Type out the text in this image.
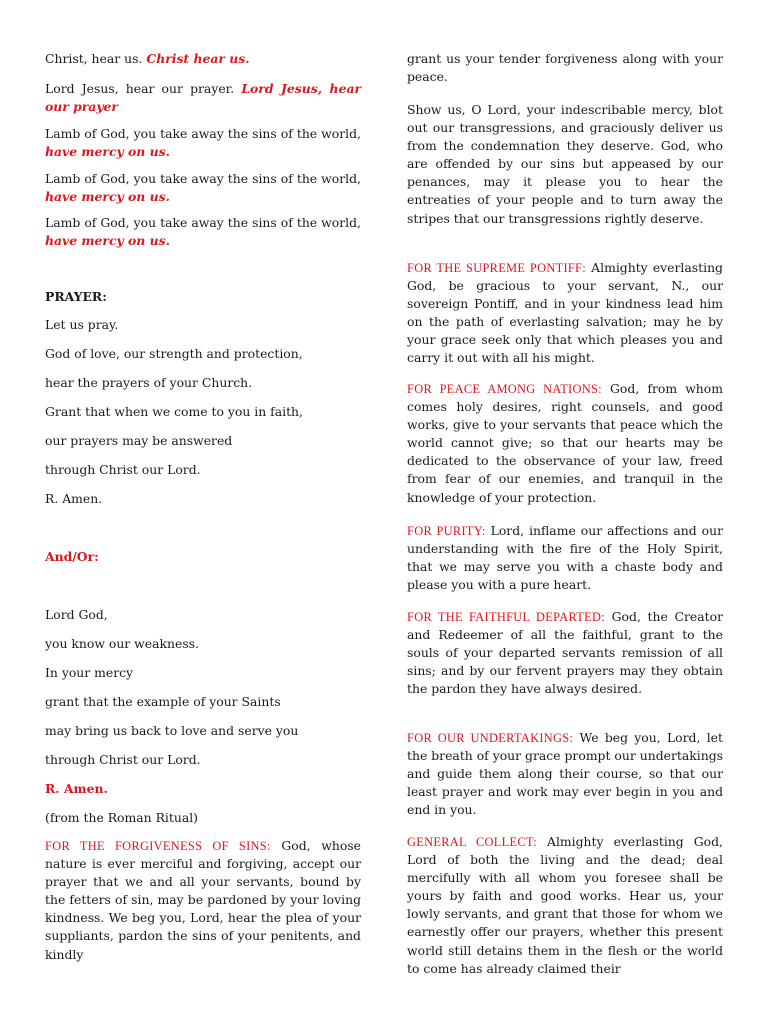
Christ, hear us. Christ hear us.

Lord Jesus, hear our prayer. Lord Jesus, hear our prayer

Lamb of God, you take away the sins of the world, have mercy on us.

Lamb of God, you take away the sins of the world, have mercy on us.

Lamb of God, you take away the sins of the world, have mercy on us.

PRAYER:

Let us pray.

God of love, our strength and protection,

hear the prayers of your Church.

Grant that when we come to you in faith,

our prayers may be answered

through Christ our Lord.

R. Amen.

And/Or:

Lord God,

you know our weakness.

In your mercy

grant that the example of your Saints

may bring us back to love and serve you

through Christ our Lord.

R. Amen.

(from the Roman Ritual)

FOR THE FORGIVENESS OF SINS: God, whose nature is ever merciful and forgiving, accept our prayer that we and all your servants, bound by the fetters of sin, may be pardoned by your loving kindness. We beg you, Lord, hear the plea of your suppliants, pardon the sins of your penitents, and kindly

grant us your tender forgiveness along with your peace.

Show us, O Lord, your indescribable mercy, blot out our transgressions, and graciously deliver us from the condemnation they deserve. God, who are offended by our sins but appeased by our penances, may it please you to hear the entreaties of your people and to turn away the stripes that our transgressions rightly deserve.

FOR THE SUPREME PONTIFF: Almighty everlasting God, be gracious to your servant, N., our sovereign Pontiff, and in your kindness lead him on the path of everlasting salvation; may he by your grace seek only that which pleases you and carry it out with all his might.

FOR PEACE AMONG NATIONS: God, from whom comes holy desires, right counsels, and good works, give to your servants that peace which the world cannot give; so that our hearts may be dedicated to the observance of your law, freed from fear of our enemies, and tranquil in the knowledge of your protection.

FOR PURITY: Lord, inflame our affections and our understanding with the fire of the Holy Spirit, that we may serve you with a chaste body and please you with a pure heart.

FOR THE FAITHFUL DEPARTED: God, the Creator and Redeemer of all the faithful, grant to the souls of your departed servants remission of all sins; and by our fervent prayers may they obtain the pardon they have always desired.

FOR OUR UNDERTAKINGS: We beg you, Lord, let the breath of your grace prompt our undertakings and guide them along their course, so that our least prayer and work may ever begin in you and end in you.

GENERAL COLLECT: Almighty everlasting God, Lord of both the living and the dead; deal mercifully with all whom you foresee shall be yours by faith and good works. Hear us, your lowly servants, and grant that those for whom we earnestly offer our prayers, whether this present world still detains them in the flesh or the world to come has already claimed their
